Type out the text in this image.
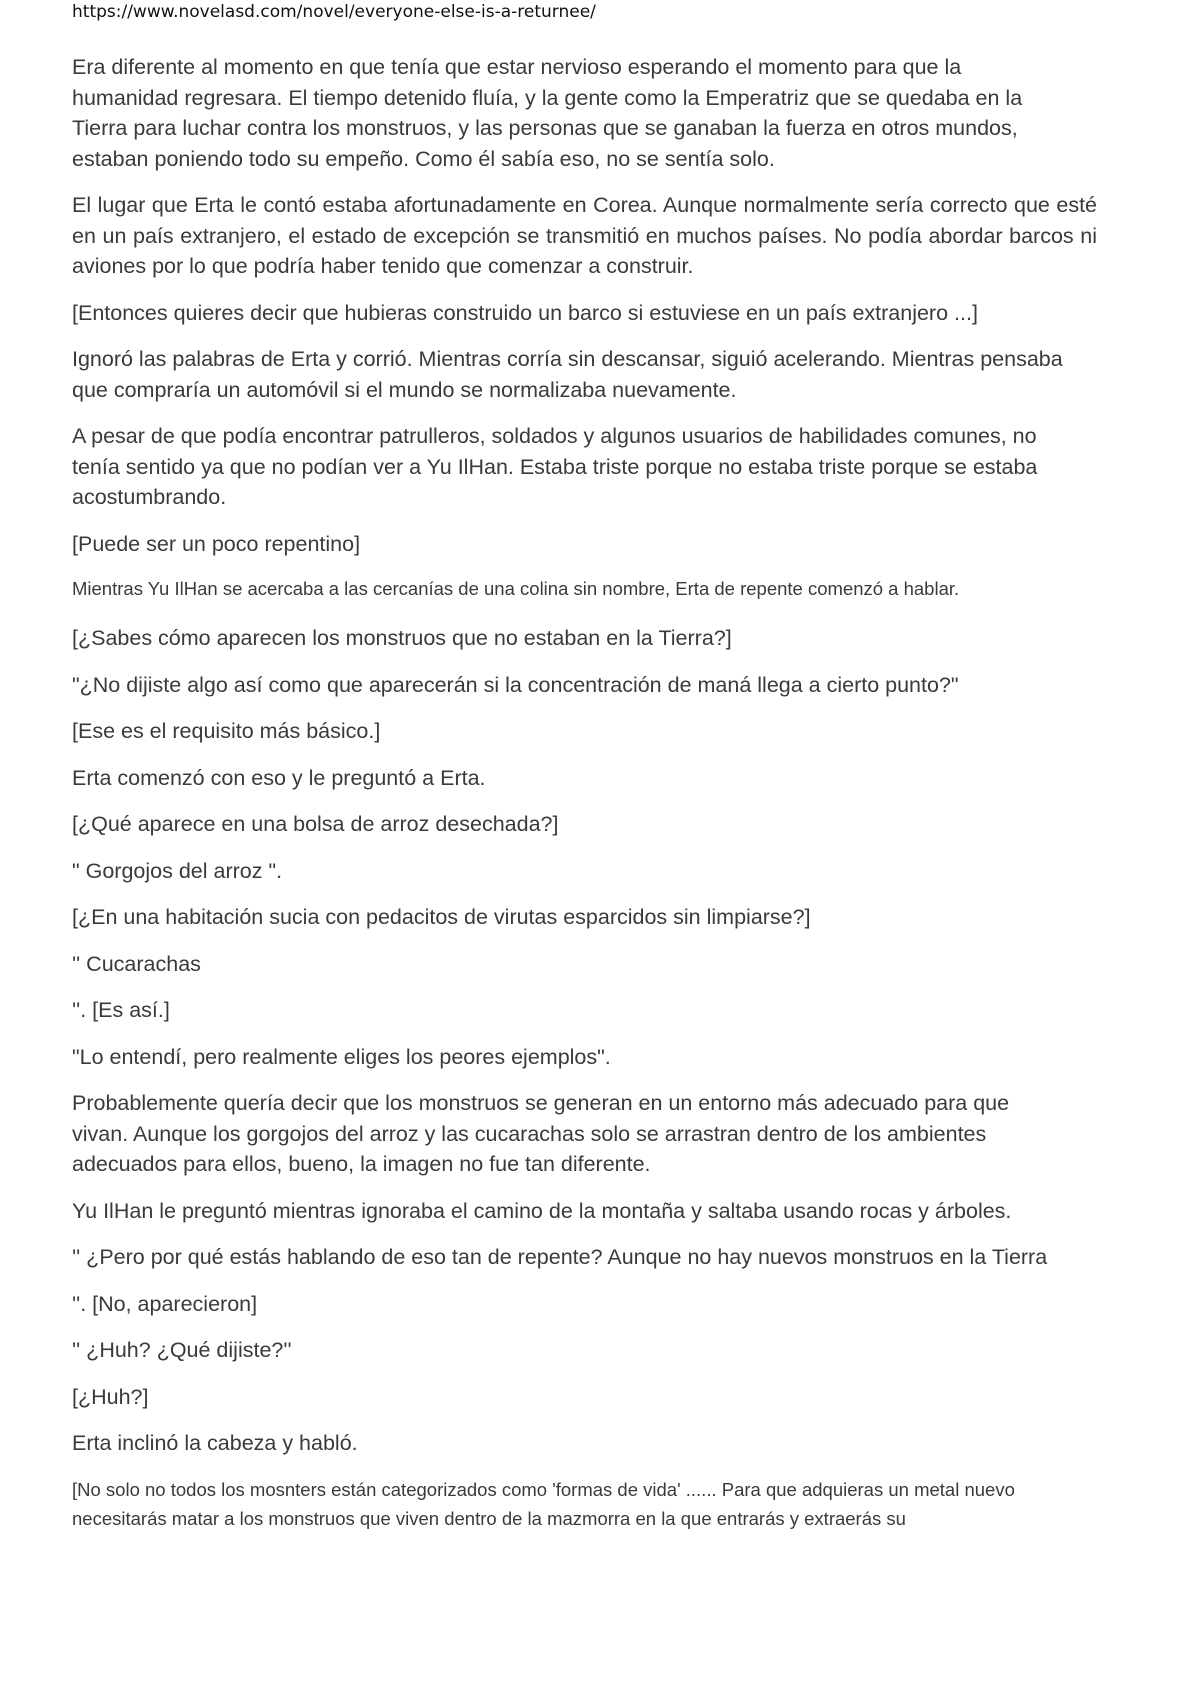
https://www.novelasd.com/novel/everyone-else-is-a-returnee/

Era diferente al momento en que tenía que estar nervioso esperando el momento para que la humanidad regresara. El tiempo detenido fluía, y la gente como la Emperatriz que se quedaba en la Tierra para luchar contra los monstruos, y las personas que se ganaban la fuerza en otros mundos, estaban poniendo todo su empeño. Como él sabía eso, no se sentía solo.

El lugar que Erta le contó estaba afortunadamente en Corea. Aunque normalmente sería correcto que esté en un país extranjero, el estado de excepción se transmitió en muchos países. No podía abordar barcos ni aviones por lo que podría haber tenido que comenzar a construir.

[Entonces quieres decir que hubieras construido un barco si estuviese en un país extranjero ...]

Ignoró las palabras de Erta y corrió. Mientras corría sin descansar, siguió acelerando. Mientras pensaba que compraría un automóvil si el mundo se normalizaba nuevamente.

A pesar de que podía encontrar patrulleros, soldados y algunos usuarios de habilidades comunes, no tenía sentido ya que no podían ver a Yu IlHan. Estaba triste porque no estaba triste porque se estaba acostumbrando.

[Puede ser un poco repentino]

Mientras Yu IlHan se acercaba a las cercanías de una colina sin nombre, Erta de repente comenzó a hablar.

[¿Sabes cómo aparecen los monstruos que no estaban en la Tierra?]

"¿No dijiste algo así como que aparecerán si la concentración de maná llega a cierto punto?"

[Ese es el requisito más básico.]

Erta comenzó con eso y le preguntó a Erta.

[¿Qué aparece en una bolsa de arroz desechada?]

" Gorgojos del arroz ".

[¿En una habitación sucia con pedacitos de virutas esparcidos sin limpiarse?]

'' Cucarachas

''. [Es así.]

"Lo entendí, pero realmente eliges los peores ejemplos".

Probablemente quería decir que los monstruos se generan en un entorno más adecuado para que vivan. Aunque los gorgojos del arroz y las cucarachas solo se arrastran dentro de los ambientes adecuados para ellos, bueno, la imagen no fue tan diferente.

Yu IlHan le preguntó mientras ignoraba el camino de la montaña y saltaba usando rocas y árboles.

'' ¿Pero por qué estás hablando de eso tan de repente? Aunque no hay nuevos monstruos en la Tierra

''. [No, aparecieron]

'' ¿Huh? ¿Qué dijiste?''

[¿Huh?]

Erta inclinó la cabeza y habló.

[No solo no todos los mosnters están categorizados como 'formas de vida' ...... Para que adquieras un metal nuevo necesitarás matar a los monstruos que viven dentro de la mazmorra en la que entrarás y extraerás su
